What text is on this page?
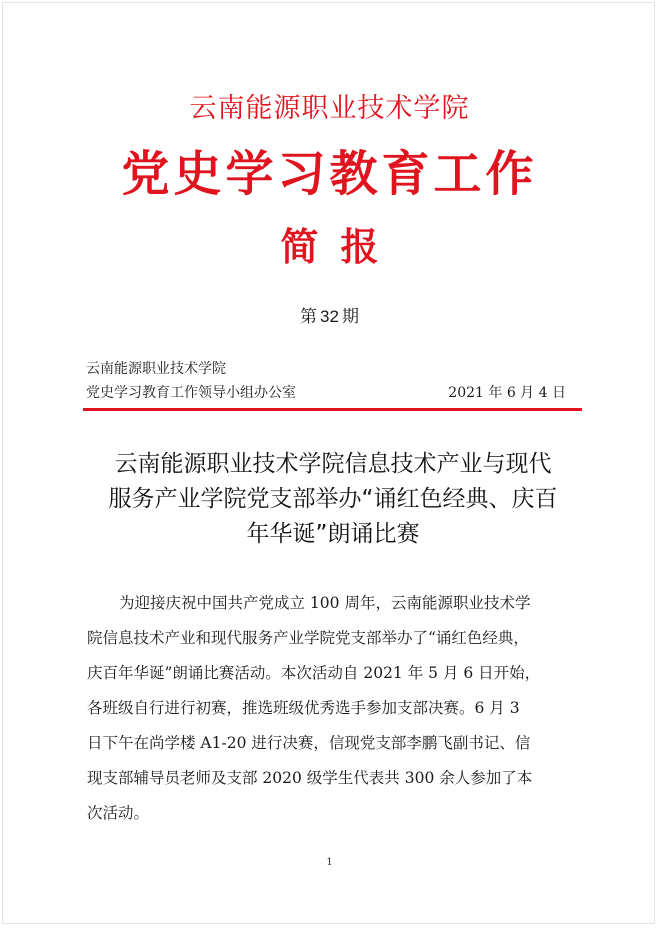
云南能源职业技术学院
党史学习教育工作
简报
第 32 期
云南能源职业技术学院
党史学习教育工作领导小组办公室	2021 年 6 月 4 日
云南能源职业技术学院信息技术产业与现代
服务产业学院党支部举办“诵红色经典、庆百
年华诞”朗诵比赛
为迎接庆祝中国共产党成立 100 周年，云南能源职业技术学
院信息技术产业和现代服务产业学院党支部举办了“诵红色经典，
庆百年华诞”朗诵比赛活动。本次活动自 2021 年 5 月 6 日开始，
各班级自行进行初赛，推选班级优秀选手参加支部决赛。6 月 3
日下午在尚学楼 A1-20 进行决赛，信现党支部李鹏飞副书记、信
现支部辅导员老师及支部 2020 级学生代表共 300 余人参加了本
次活动。
1
